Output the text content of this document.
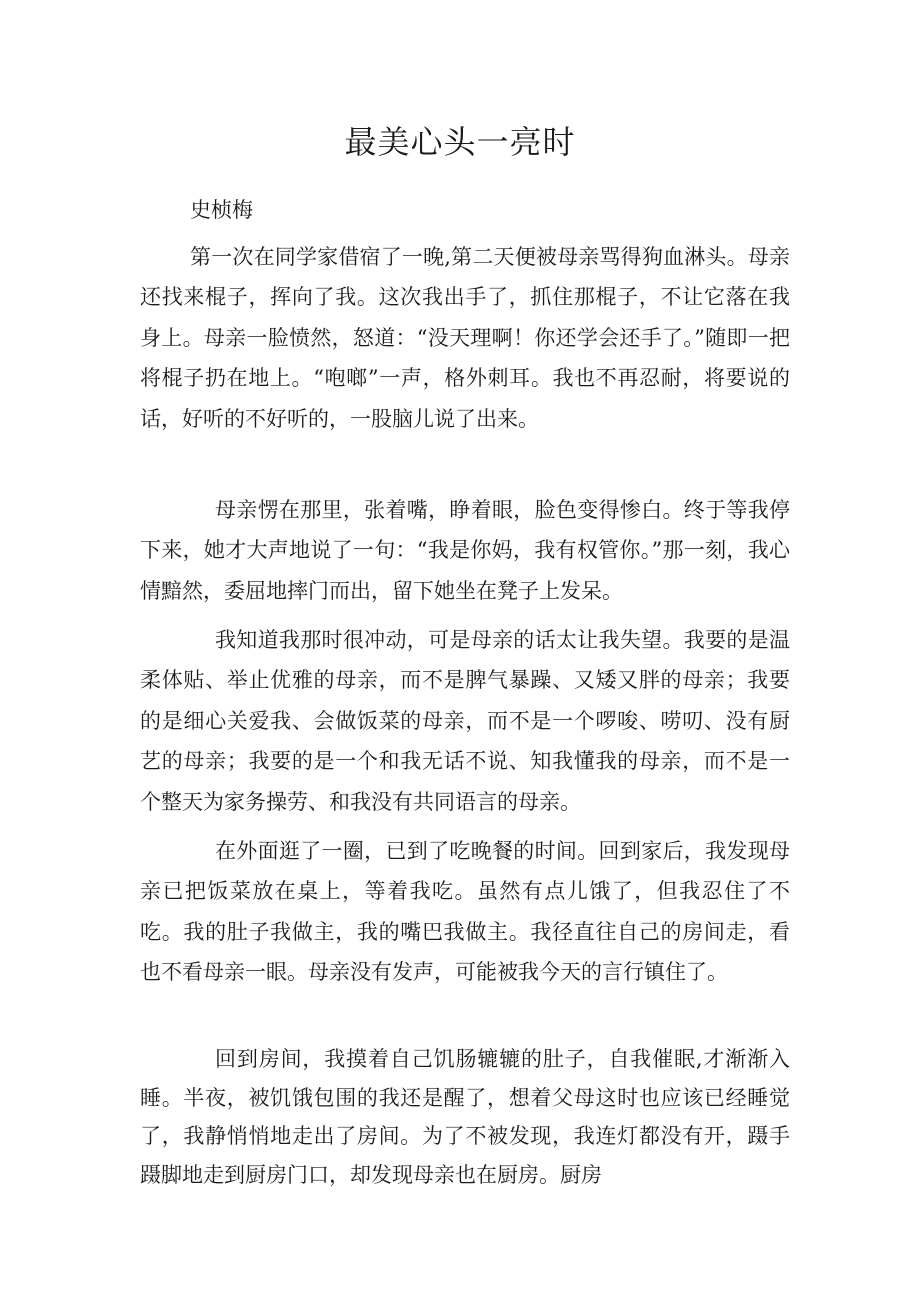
最美心头一亮时

史桢梅

第一次在同学家借宿了一晚,第二天便被母亲骂得狗血淋头。母亲还找来棍子，挥向了我。这次我出手了，抓住那棍子，不让它落在我身上。母亲一脸愤然，怒道：“没天理啊！你还学会还手了。”随即一把将棍子扔在地上。“咆啷”一声，格外刺耳。我也不再忍耐，将要说的话，好听的不好听的，一股脑儿说了出来。

母亲愣在那里，张着嘴，睁着眼，脸色变得惨白。终于等我停下来，她才大声地说了一句：“我是你妈，我有权管你。”那一刻，我心情黯然，委屈地摔门而出，留下她坐在凳子上发呆。

我知道我那时很冲动，可是母亲的话太让我失望。我要的是温柔体贴、举止优雅的母亲，而不是脾气暴躁、又矮又胖的母亲；我要的是细心关爱我、会做饭菜的母亲，而不是一个啰唆、唠叨、没有厨艺的母亲；我要的是一个和我无话不说、知我懂我的母亲，而不是一个整天为家务操劳、和我没有共同语言的母亲。

在外面逛了一圈，已到了吃晚餐的时间。回到家后，我发现母亲已把饭菜放在桌上，等着我吃。虽然有点儿饿了，但我忍住了不吃。我的肚子我做主，我的嘴巴我做主。我径直往自己的房间走，看也不看母亲一眼。母亲没有发声，可能被我今天的言行镇住了。

回到房间，我摸着自己饥肠辘辘的肚子，自我催眠,才渐渐入睡。半夜，被饥饿包围的我还是醒了，想着父母这时也应该已经睡觉了，我静悄悄地走出了房间。为了不被发现，我连灯都没有开，蹑手蹑脚地走到厨房门口，却发现母亲也在厨房。厨房
